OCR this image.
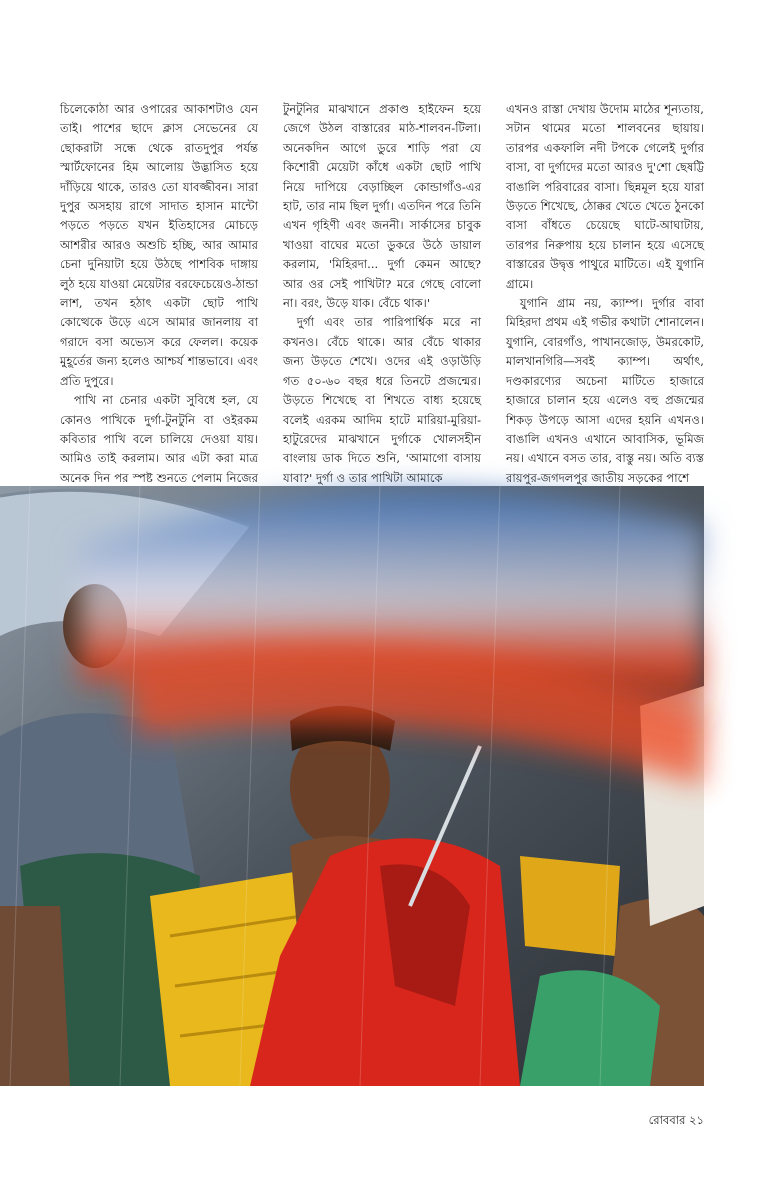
চিলেকোঠা আর ওপারের আকাশটাও যেন তাই। পাশের ছাদে ক্লাস সেভেনের যে ছোকরাটা সন্ধে থেকে রাতদুপুর পর্যন্ত স্মার্টফোনের হিম আলোয় উদ্ভাসিত হয়ে দাঁড়িয়ে থাকে, তারও তো যাবজ্জীবন। সারা দুপুর অসহায় রাগে সাদাত হাসান মান্টো পড়তে পড়তে যখন ইতিহাসের মোচড়ে আশরীর আরও অশুচি হচ্ছি, আর আমার চেনা দুনিয়াটা হয়ে উঠছে পাশবিক দাঙ্গায় লুঠ হয়ে যাওয়া মেয়েটার বরফেচেয়েও-ঠান্ডা লাশ, তখন হঠাৎ একটা ছোট পাখি কোত্থেকে উড়ে এসে আমার জানলায় বা গরাদে বসা অভ্যেস করে ফেলল। কয়েক মুহূর্তের জন্য হলেও আশ্চর্য শান্তভাবে। এবং প্রতি দুপুরে।

পাখি না চেনার একটা সুবিধে হল, যে কোনও পাখিকে দুর্গা-টুনটুনি বা ওইরকম কবিতার পাখি বলে চালিয়ে দেওয়া যায়। আমিও তাই করলাম। আর এটা করা মাত্র অনেক দিন পর স্পষ্ট শুনতে পেলাম নিজের

টুনটুনির মাঝখানে প্রকাণ্ড হাইফেন হয়ে জেগে উঠল বাস্তারের মাঠ-শালবন-টিলা। অনেকদিন আগে ডুরে শাড়ি পরা যে কিশোরী মেয়েটা কাঁধে একটা ছোট পাখি নিয়ে দাপিয়ে বেড়াচ্ছিল কোন্ডাগাঁও-এর হাট, তার নাম ছিল দুর্গা। এতদিন পরে তিনি এখন গৃহিণী এবং জননী। সার্কাসের চাবুক খাওয়া বাঘের মতো ডুকরে উঠে ডায়াল করলাম, 'মিহিরদা... দুর্গা কেমন আছে? আর ওর সেই পাখিটা? মরে গেছে বোলো না। বরং, উড়ে যাক। বেঁচে থাক।'

দুর্গা এবং তার পারিপার্শ্বিক মরে না কখনও। বেঁচে থাকে। আর বেঁচে থাকার জন্য উড়তে শেখে। ওদের এই ওড়াউড়ি গত ৫০-৬০ বছর ধরে তিনটে প্রজন্মের। উড়তে শিখেছে বা শিখতে বাধ্য হয়েছে বলেই এরকম আদিম হাটে মারিয়া-মুরিয়া-হাটুরেদের মাঝখানে দুর্গাকে খোলসহীন বাংলায় ডাক দিতে শুনি, 'আমাগো বাসায় যাবা?' দুর্গা ও তার পাখিটা আমাকে

এখনও রাস্তা দেখায় উদোম মাঠের শূন্যতায়, সটান থামের মতো শালবনের ছায়ায়। তারপর একফালি নদী টপকে গেলেই দুর্গার বাসা, বা দুর্গাদের মতো আরও দু'শো ছেষট্টি বাঙালি পরিবারের বাসা। ছিন্নমূল হয়ে যারা উড়তে শিখেছে, ঠোক্কর খেতে খেতে ঠুনকো বাসা বাঁধতে চেয়েছে ঘাটে-আঘাটায়, তারপর নিরুপায় হয়ে চালান হয়ে এসেছে বাস্তারের উদ্বৃত্ত পাথুরে মাটিতে। এই যুগানি গ্রামে।

যুগানি গ্রাম নয়, ক্যাম্প। দুর্গার বাবা মিহিরদা প্রথম এই গভীর কথাটা শোনালেন। যুগানি, বোরগাঁও, পাখানজোড়, উমরকোট, মালখানগিরি—সবই ক্যাম্প। অর্থাৎ, দণ্ডকারণ্যের অচেনা মাটিতে হাজারে হাজারে চালান হয়ে এলেও বহু প্রজন্মের শিকড় উপড়ে আসা এদের হয়নি এখনও। বাঙালি এখনও এখানে আবাসিক, ভূমিজ নয়। এখানে বসত তার, বাস্তু নয়। অতি ব্যস্ত রায়পুর-জগদলপুর জাতীয় সড়কের পাশে

রোববার ২১
